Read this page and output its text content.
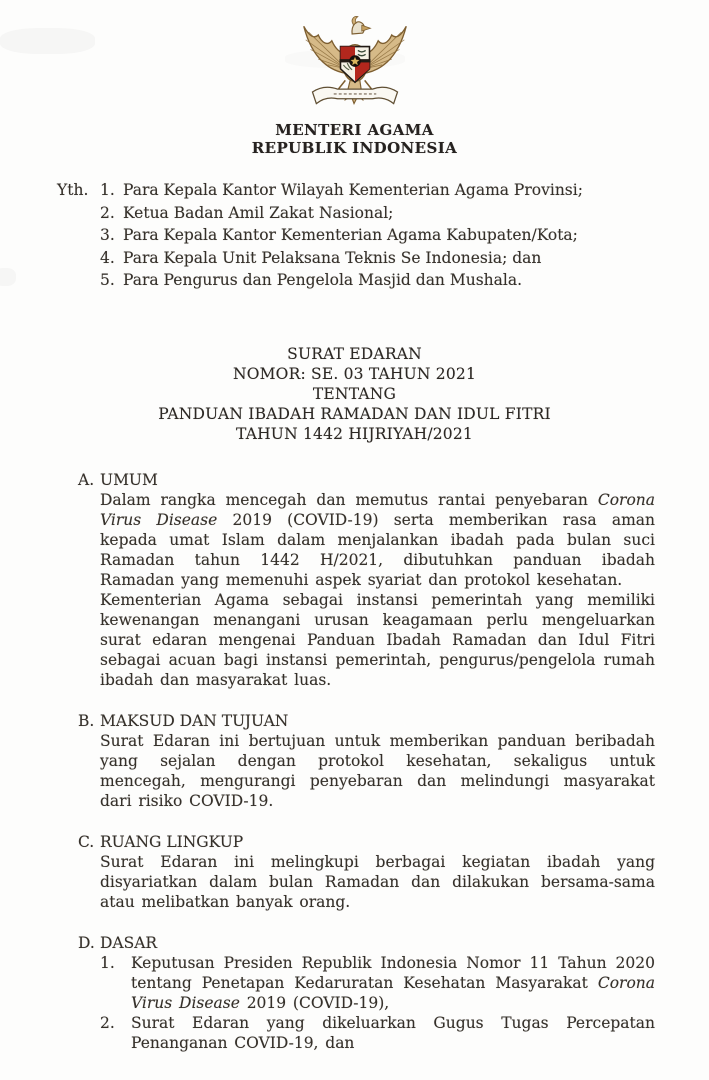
MENTERI AGAMA
REPUBLIK INDONESIA
Yth. 1. Para Kepala Kantor Wilayah Kementerian Agama Provinsi;
2. Ketua Badan Amil Zakat Nasional;
3. Para Kepala Kantor Kementerian Agama Kabupaten/Kota;
4. Para Kepala Unit Pelaksana Teknis Se Indonesia; dan
5. Para Pengurus dan Pengelola Masjid dan Mushala.
SURAT EDARAN
NOMOR: SE. 03 TAHUN 2021
TENTANG
PANDUAN IBADAH RAMADAN DAN IDUL FITRI
TAHUN 1442 HIJRIYAH/2021
A. UMUM
Dalam rangka mencegah dan memutus rantai penyebaran Corona Virus Disease 2019 (COVID-19) serta memberikan rasa aman kepada umat Islam dalam menjalankan ibadah pada bulan suci Ramadan tahun 1442 H/2021, dibutuhkan panduan ibadah Ramadan yang memenuhi aspek syariat dan protokol kesehatan.
Kementerian Agama sebagai instansi pemerintah yang memiliki kewenangan menangani urusan keagamaan perlu mengeluarkan surat edaran mengenai Panduan Ibadah Ramadan dan Idul Fitri sebagai acuan bagi instansi pemerintah, pengurus/pengelola rumah ibadah dan masyarakat luas.
B. MAKSUD DAN TUJUAN
Surat Edaran ini bertujuan untuk memberikan panduan beribadah yang sejalan dengan protokol kesehatan, sekaligus untuk mencegah, mengurangi penyebaran dan melindungi masyarakat dari risiko COVID-19.
C. RUANG LINGKUP
Surat Edaran ini melingkupi berbagai kegiatan ibadah yang disyariatkan dalam bulan Ramadan dan dilakukan bersama-sama atau melibatkan banyak orang.
D. DASAR
1.	Keputusan Presiden Republik Indonesia Nomor 11 Tahun 2020 tentang Penetapan Kedaruratan Kesehatan Masyarakat Corona Virus Disease 2019 (COVID-19),
2.	Surat Edaran yang dikeluarkan Gugus Tugas Percepatan Penanganan COVID-19, dan
